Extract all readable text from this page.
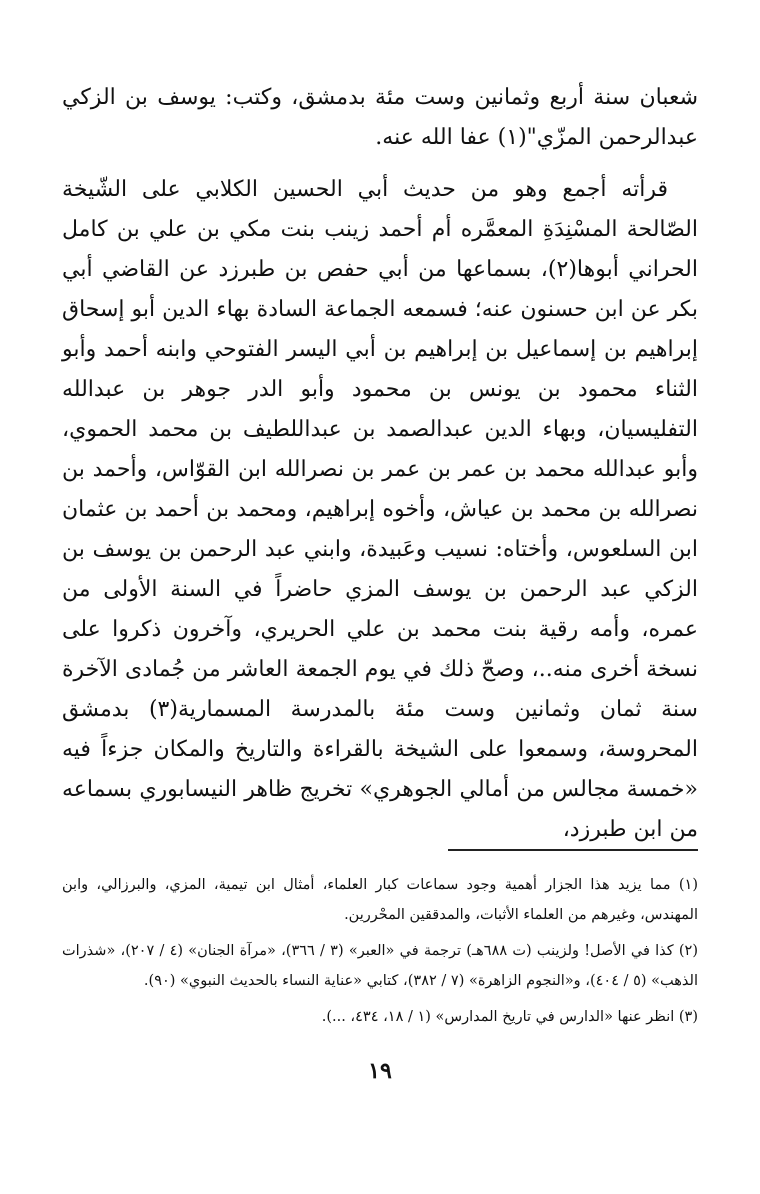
شعبان سنة أربع وثمانين وست مئة بدمشق، وكتب: يوسف بن الزكي عبدالرحمن المزّي"(١) عفا الله عنه.

قرأته أجمع وهو من حديث أبي الحسين الكلابي على الشّيخة الصّالحة المسْنِدَةِ المعمَّره أم أحمد زينب بنت مكي بن علي بن كامل الحراني أبوها(٢)، بسماعها من أبي حفص بن طبرزد عن القاضي أبي بكر عن ابن حسنون عنه؛ فسمعه الجماعة السادة بهاء الدين أبو إسحاق إبراهيم بن إسماعيل بن إبراهيم بن أبي اليسر الفتوحي وابنه أحمد وأبو الثناء محمود بن يونس بن محمود وأبو الدر جوهر بن عبدالله التفليسيان، وبهاء الدين عبدالصمد بن عبداللطيف بن محمد الحموي، وأبو عبدالله محمد بن عمر بن عمر بن نصرالله ابن القوّاس، وأحمد بن نصرالله بن محمد بن عياش، وأخوه إبراهيم، ومحمد بن أحمد بن عثمان ابن السلعوس، وأختاه: نسيب وعَبيدة، وابني عبد الرحمن بن يوسف بن الزكي عبد الرحمن بن يوسف المزي حاضراً في السنة الأولى من عمره، وأمه رقية بنت محمد بن علي الحريري، وآخرون ذكروا على نسخة أخرى منه..، وصحّ ذلك في يوم الجمعة العاشر من جُمادى الآخرة سنة ثمان وثمانين وست مئة بالمدرسة المسمارية(٣) بدمشق المحروسة، وسمعوا على الشيخة بالقراءة والتاريخ والمكان جزءاً فيه «خمسة مجالس من أمالي الجوهري» تخريج ظاهر النيسابوري بسماعه من ابن طبرزد،

(١) مما يزيد هذا الجزار أهمية وجود سماعات كبار العلماء، أمثال ابن تيمية، المزي، والبرزالي، وابن المهندس، وغيرهم من العلماء الأثبات، والمدققين المحْررين.

(٢) كذا في الأصل! ولزينب (ت ٦٨٨هـ) ترجمة في «العبر» (٣ / ٣٦٦)، «مرآة الجنان» (٤ / ٢٠٧)، «شذرات الذهب» (٥ / ٤٠٤)، و«النجوم الزاهرة» (٧ / ٣٨٢)، كتابي «عناية النساء بالحديث النبوي» (٩٠).

(٣) انظر عنها «الدارس في تاريخ المدارس» (١ / ١٨، ٤٣٤، ...).

١٩
